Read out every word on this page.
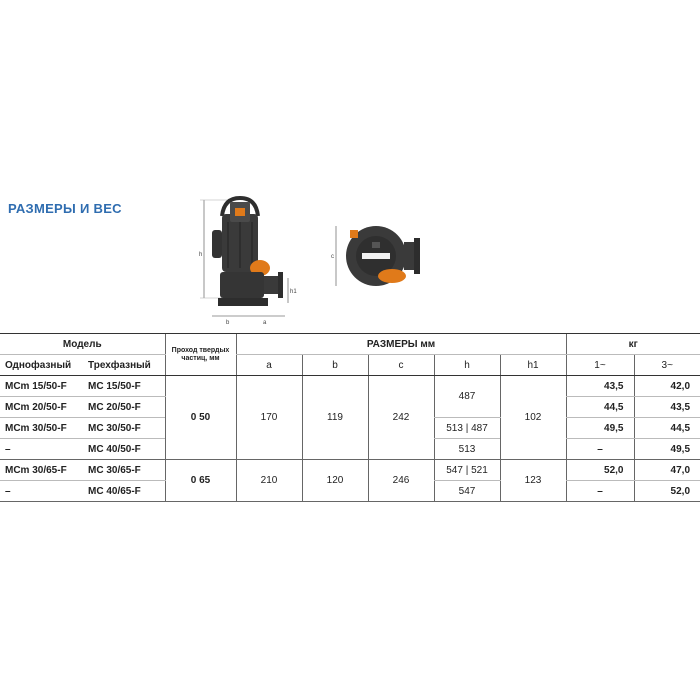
РАЗМЕРЫ И ВЕС
h
h1
b	a
c
Модель		Проход твердых частиц, мм	РАЗМЕРЫ мм					кг	
Однофазный	Трехфазный		a	b	c	h	h1	1~	3~
MCm 15/50-F	MC 15/50-F	0 50	170	119	242	487	102	43,5	42,0
MCm 20/50-F	MC 20/50-F							44,5	43,5
MCm 30/50-F	MC 30/50-F					513 | 487		49,5	44,5
–	MC 40/50-F					513		–	49,5
MCm 30/65-F	MC 30/65-F	0 65	210	120	246	547 | 521	123	52,0	47,0
–	MC 40/65-F					547		–	52,0
